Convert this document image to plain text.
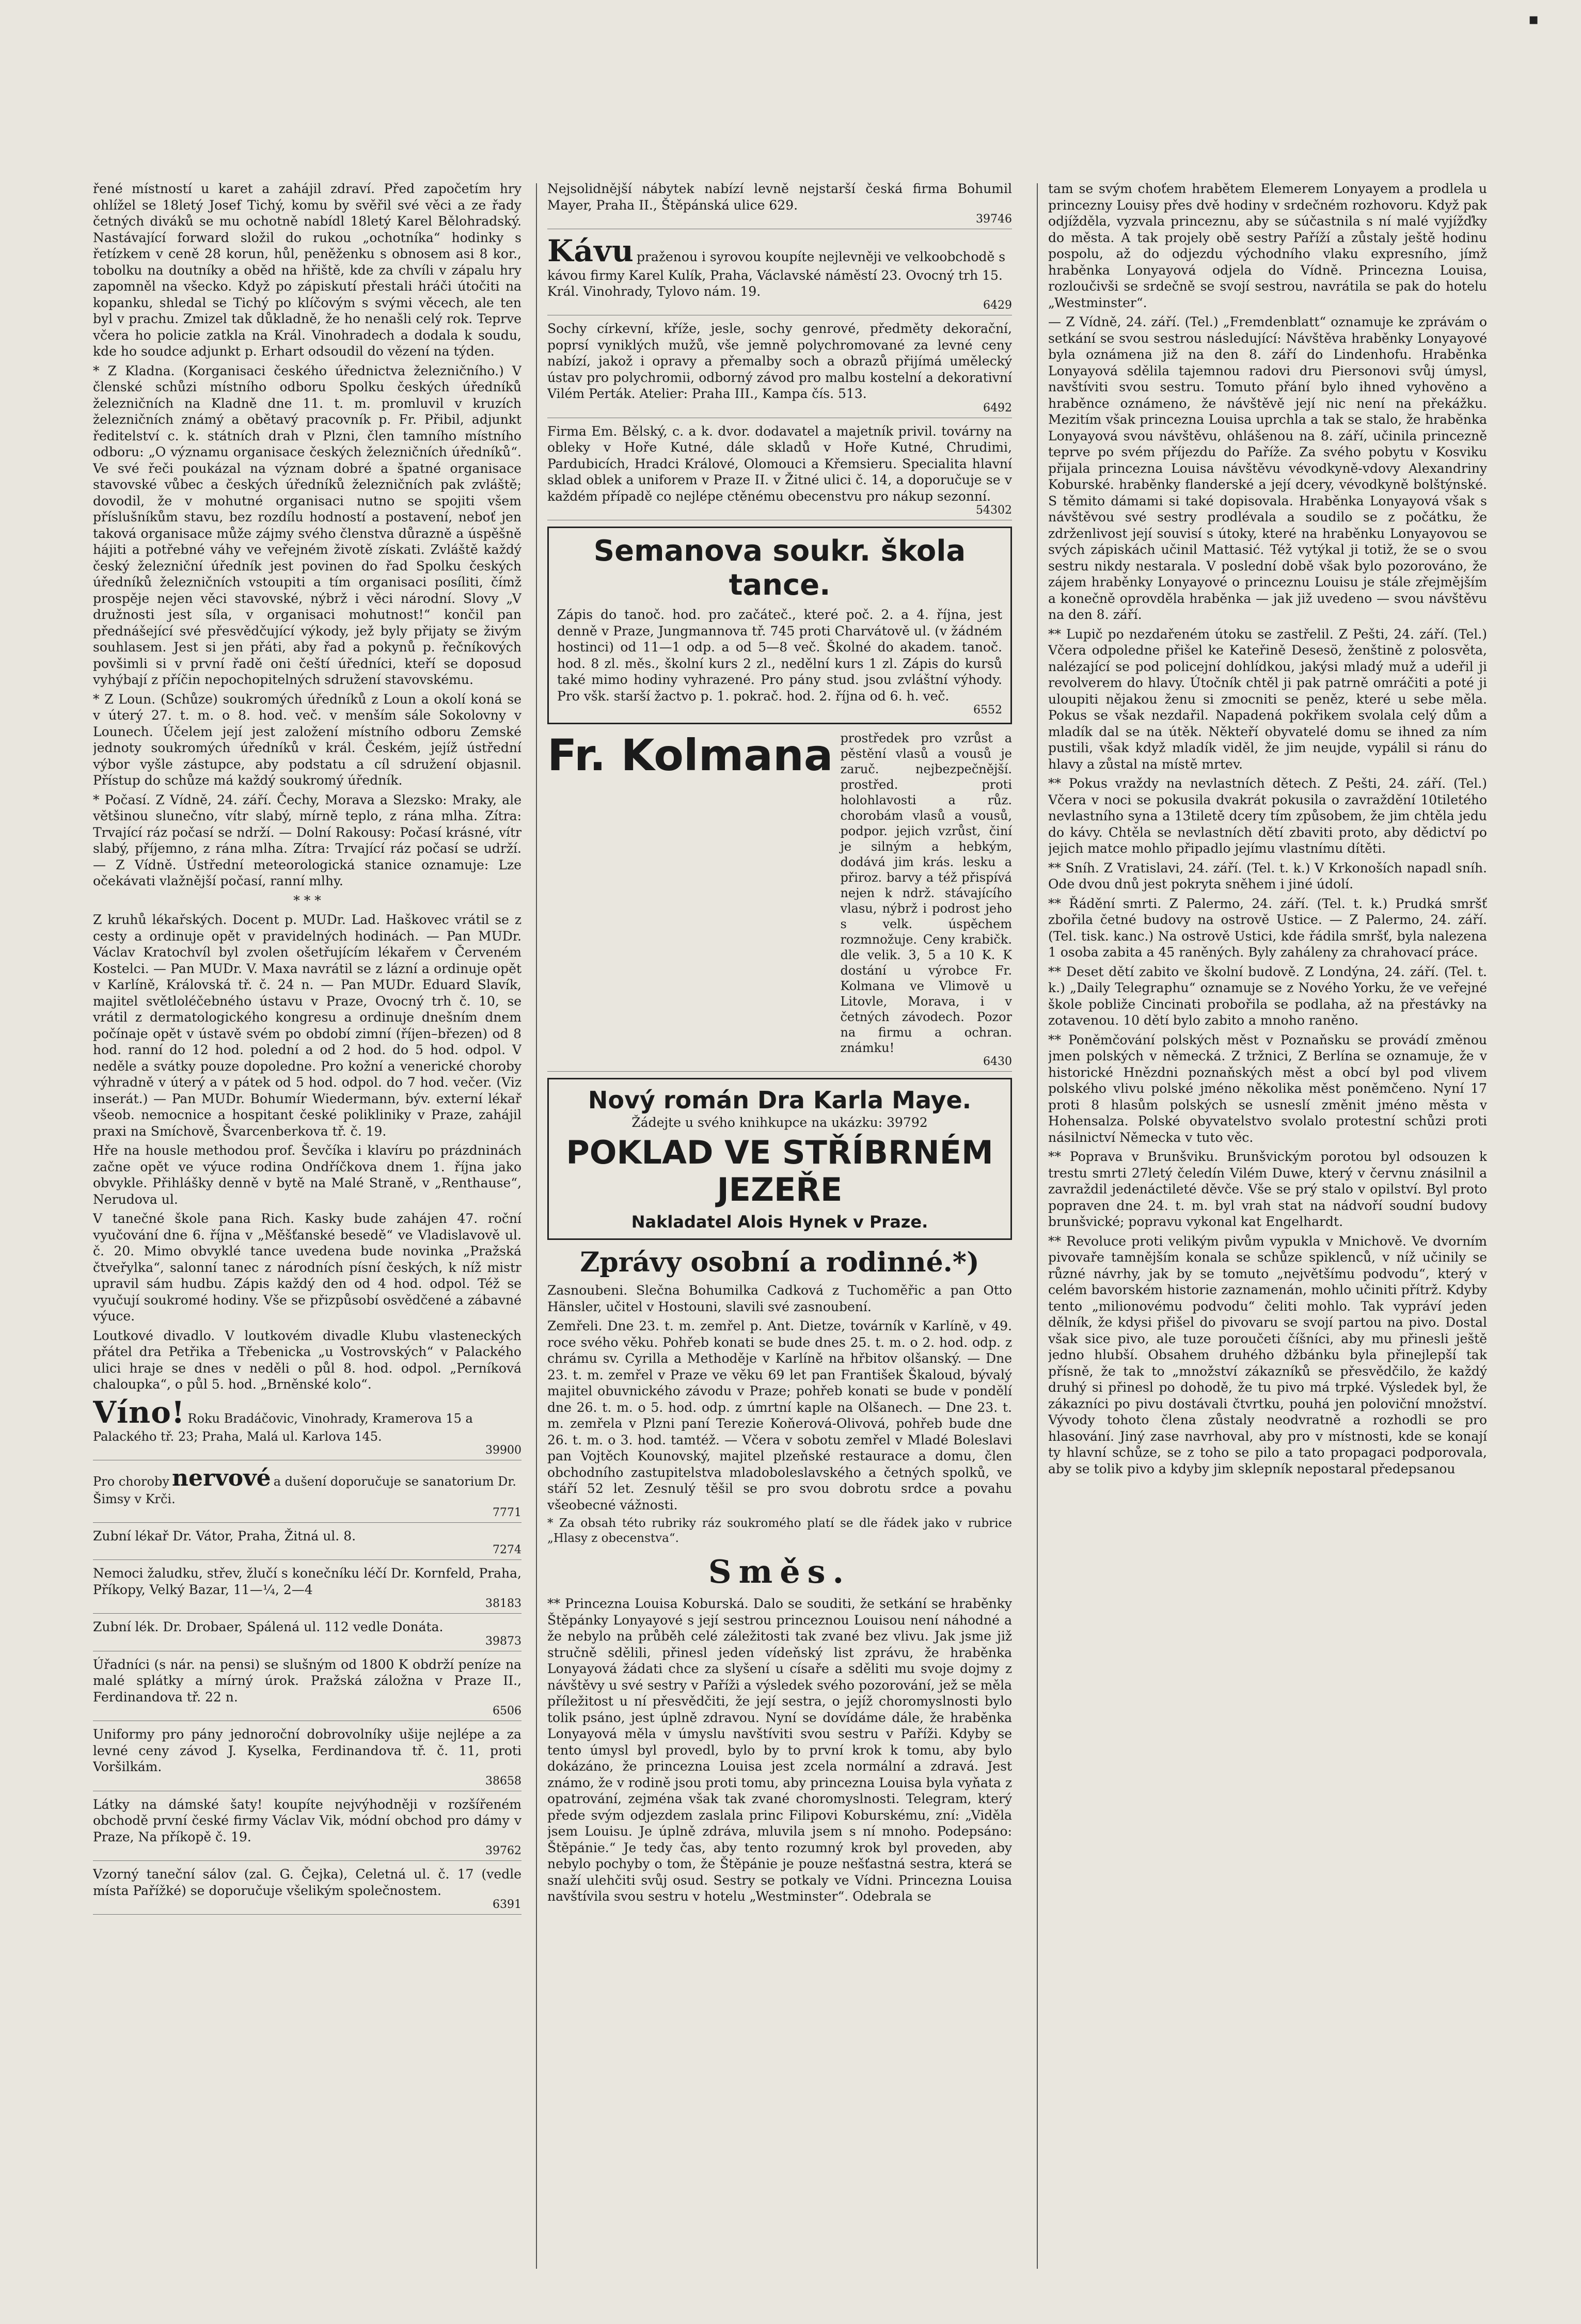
▪

řené místností u karet a zahájil zdraví. Před započetím hry ohlížel se 18letý Josef Tichý, komu by svěřil své věci a ze řady četných diváků se mu ochotně nabídl 18letý Karel Bělohradský. Nastávající forward složil do rukou „ochotníka“ hodinky s řetízkem v ceně 28 korun, hůl, peněženku s obnosem asi 8 kor., tobolku na doutníky a oběd na hřiště, kde za chvíli v zápalu hry zapomněl na všecko. Když po zápiskutí přestali hráči útočiti na kopanku, shledal se Tichý po klíčovým s svými věcech, ale ten byl v prachu. Zmizel tak důkladně, že ho nenašli celý rok. Teprve včera ho policie zatkla na Král. Vinohradech a dodala k soudu, kde ho soudce adjunkt p. Erhart odsoudil do vězení na týden.

* Z Kladna. (Korganisaci českého úřednictva železničního.) V členské schůzi místního odboru Spolku českých úředníků železničních na Kladně dne 11. t. m. promluvil v kruzích železničních známý a obětavý pracovník p. Fr. Přibil, adjunkt ředitelství c. k. státních drah v Plzni, člen tamního místního odboru: „O významu organisace českých železničních úředníků“. Ve své řeči poukázal na význam dobré a špatné organisace stavovské vůbec a českých úředníků železničních pak zvláště; dovodil, že v mohutné organisaci nutno se spojiti všem příslušníkům stavu, bez rozdílu hodností a postavení, neboť jen taková organisace může zájmy svého členstva důrazně a úspěšně hájiti a potřebné váhy ve veřejném životě získati. Zvláště každý český železniční úředník jest povinen do řad Spolku českých úředníků železničních vstoupiti a tím organisaci posíliti, čímž prospěje nejen věci stavovské, nýbrž i věci národní. Slovy „V družnosti jest síla, v organisaci mohutnost!“ končil pan přednášející své přesvědčující výkody, jež byly přijaty se živým souhlasem. Jest si jen přáti, aby řad a pokynů p. řečníkových povšimli si v první řadě oni čeští úředníci, kteří se doposud vyhýbají z příčin nepochopitelných sdružení stavovskému.

* Z Loun. (Schůze) soukromých úředníků z Loun a okolí koná se v úterý 27. t. m. o 8. hod. več. v menším sále Sokolovny v Lounech. Účelem její jest založení místního odboru Zemské jednoty soukromých úředníků v král. Českém, jejíž ústřední výbor vyšle zástupce, aby podstatu a cíl sdružení objasnil. Přístup do schůze má každý soukromý úředník.

* Počasí. Z Vídně, 24. září. Čechy, Morava a Slezsko: Mraky, ale většinou slunečno, vítr slabý, mírně teplo, z rána mlha. Zítra: Trvající ráz počasí se ndrží. — Dolní Rakousy: Počasí krásné, vítr slabý, příjemno, z rána mlha. Zítra: Trvající ráz počasí se udrží. — Z Vídně. Ústřední meteorologická stanice oznamuje: Lze očekávati vlažnější počasí, ranní mlhy.

* * *

Z kruhů lékařských. Docent p. MUDr. Lad. Haškovec vrátil se z cesty a ordinuje opět v pravidelných hodinách. — Pan MUDr. Václav Kratochvíl byl zvolen ošetřujícím lékařem v Červeném Kostelci. — Pan MUDr. V. Maxa navrátil se z lázní a ordinuje opět v Karlíně, Královská tř. č. 24 n. — Pan MUDr. Eduard Slavík, majitel světloléčebného ústavu v Praze, Ovocný trh č. 10, se vrátil z dermatologického kongresu a ordinuje dnešním dnem počínaje opět v ústavě svém po období zimní (říjen–březen) od 8 hod. ranní do 12 hod. polední a od 2 hod. do 5 hod. odpol. V neděle a svátky pouze dopoledne. Pro kožní a venerické choroby výhradně v úterý a v pátek od 5 hod. odpol. do 7 hod. večer. (Viz inserát.) — Pan MUDr. Bohumír Wiedermann, býv. externí lékař všeob. nemocnice a hospitant české polikliniky v Praze, zahájil praxi na Smíchově, Švarcenberkova tř. č. 19.

Hře na housle methodou prof. Ševčíka i klavíru po prázdninách začne opět ve výuce rodina Ondříčkova dnem 1. října jako obvykle. Přihlášky denně v bytě na Malé Straně, v „Renthause“, Nerudova ul.

V tanečné škole pana Rich. Kasky bude zahájen 47. roční vyučování dne 6. října v „Měšťanské besedě“ ve Vladislavově ul. č. 20. Mimo obvyklé tance uvedena bude novinka „Pražská čtveřylka“, salonní tanec z národních písní českých, k níž mistr upravil sám hudbu. Zápis každý den od 4 hod. odpol. Též se vyučují soukromé hodiny. Vše se přizpůsobí osvědčené a zábavné výuce.

Loutkové divadlo. V loutkovém divadle Klubu vlasteneckých přátel dra Petřika a Třebenicka „u Vostrovských“ v Palackého ulici hraje se dnes v neděli o půl 8. hod. odpol. „Perníková chaloupka“, o půl 5. hod. „Brněnské kolo“.

Víno! Roku Bradáčovic, Vinohrady, Kramerova 15 a Palackého tř. 23; Praha, Malá ul. Karlova 145.
39900
Pro choroby nervové a dušení doporučuje se sanatorium Dr. Šimsy v Krči.
7771

Zubní lékař Dr. Vátor, Praha, Žitná ul. 8.

7274

Nemoci žaludku, střev, žlučí s konečníku léčí Dr. Kornfeld, Praha, Příkopy, Velký Bazar, 11—¼, 2—4

38183

Zubní lék. Dr. Drobaer, Spálená ul. 112 vedle Donáta.

39873

Úřadníci (s nár. na pensi) se slušným od 1800 K obdrží peníze na malé splátky a mírný úrok. Pražská záložna v Praze II., Ferdinandova tř. 22 n.

6506

Uniformy pro pány jednoroční dobrovolníky ušije nejlépe a za levné ceny závod J. Kyselka, Ferdinandova tř. č. 11, proti Voršilkám.

38658

Látky na dámské šaty! koupíte nejvýhodněji v rozšířeném obchodě první české firmy Václav Vik, módní obchod pro dámy v Praze, Na příkopě č. 19.

39762

Vzorný taneční sálov (zal. G. Čejka), Celetná ul. č. 17 (vedle místa Pařížké) se doporučuje všelikým společnostem.

6391

Nejsolidnější nábytek nabízí levně nejstarší česká firma Bohumil Mayer, Praha II., Štěpánská ulice 629.

39746
Kávu praženou i syrovou koupíte nejlevněji ve velkoobchodě s kávou firmy Karel Kulík, Praha, Václavské náměstí 23. Ovocný trh 15. Král. Vinohrady, Tylovo nám. 19.
6429

Sochy církevní, kříže, jesle, sochy genrové, předměty dekorační, poprsí vyniklých mužů, vše jemně polychromované za levné ceny nabízí, jakož i opravy a přemalby soch a obrazů přijímá umělecký ústav pro polychromii, odborný závod pro malbu kostelní a dekorativní Vilém Perták. Atelier: Praha III., Kampa čís. 513.

6492

Firma Em. Bělský, c. a k. dvor. dodavatel a majetník privil. továrny na obleky v Hoře Kutné, dále skladů v Hoře Kutné, Chrudimi, Pardubicích, Hradci Králové, Olomouci a Křemsieru. Specialita hlavní sklad oblek a uniforem v Praze II. v Žitné ulici č. 14, a doporučuje se v každém případě co nejlépe ctěnému obecenstvu pro nákup sezonní.

54302
Semanova soukr. škola tance.

Zápis do tanoč. hod. pro začáteč., které poč. 2. a 4. října, jest denně v Praze, Jungmannova tř. 745 proti Charvátově ul. (v žádném hostinci) od 11—1 odp. a od 5—8 več. Školné do akadem. tanoč. hod. 8 zl. měs., školní kurs 2 zl., nedělní kurs 1 zl. Zápis do kursů také mimo hodiny vyhrazené. Pro pány stud. jsou zvláštní výhody. Pro všk. starší žactvo p. 1. pokrač. hod. 2. října od 6. h. več.

6552
Fr. Kolmana prostředek pro vzrůst a pěstění vlasů a vousů je zaruč. nejbezpečnější. prostřed. proti holohlavosti a růz. chorobám vlasů a vousů, podpor. jejich vzrůst, činí je silným a hebkým, dodává jim krás. lesku a přiroz. barvy a též přispívá nejen k ndrž. stávajícího vlasu, nýbrž i podrost jeho s velk. úspěchem rozmnožuje. Ceny krabičk. dle velik. 3, 5 a 10 K. K dostání u výrobce Fr. Kolmana ve Vlimově u Litovle, Morava, i v četných závodech. Pozor na firmu a ochran. známku!

6430
Nový román Dra Karla Maye.
Žádejte u svého knihkupce na ukázku: 39792
POKLAD VE STŘÍBRNÉM JEZEŘE
Nakladatel Alois Hynek v Praze.
Zprávy osobní a rodinné.*)

Zasnoubeni. Slečna Bohumilka Cadková z Tuchoměřic a pan Otto Hänsler, učitel v Hostouni, slavili své zasnoubení.

Zemřeli. Dne 23. t. m. zemřel p. Ant. Dietze, továrník v Karlíně, v 49. roce svého věku. Pohřeb konati se bude dnes 25. t. m. o 2. hod. odp. z chrámu sv. Cyrilla a Methoděje v Karlíně na hřbitov olšanský. — Dne 23. t. m. zemřel v Praze ve věku 69 let pan František Škaloud, bývalý majitel obuvnického závodu v Praze; pohřeb konati se bude v pondělí dne 26. t. m. o 5. hod. odp. z úmrtní kaple na Olšanech. — Dne 23. t. m. zemřela v Plzni paní Terezie Koňerová-Olivová, pohřeb bude dne 26. t. m. o 3. hod. tamtéž. — Včera v sobotu zemřel v Mladé Boleslavi pan Vojtěch Kounovský, majitel plzeňské restaurace a domu, člen obchodního zastupitelstva mladoboleslavského a četných spolků, ve stáří 52 let. Zesnulý těšil se pro svou dobrotu srdce a povahu všeobecné vážnosti.

* Za obsah této rubriky ráz soukromého platí se dle řádek jako v rubrice „Hlasy z obecenstva“.

Směs.

** Princezna Louisa Koburská. Dalo se souditi, že setkání se hraběnky Štěpánky Lonyayové s její sestrou princeznou Louisou není náhodné a že nebylo na průběh celé záležitosti tak zvané bez vlivu. Jak jsme již stručně sdělili, přinesl jeden vídeňský list zprávu, že hraběnka Lonyayová žádati chce za slyšení u císaře a sděliti mu svoje dojmy z návštěvy u své sestry v Paříži a výsledek svého pozorování, jež se měla příležitost u ní přesvědčiti, že její sestra, o jejíž choromyslnosti bylo tolik psáno, jest úplně zdravou. Nyní se dovídáme dále, že hraběnka Lonyayová měla v úmyslu navštíviti svou sestru v Paříži. Kdyby se tento úmysl byl provedl, bylo by to první krok k tomu, aby bylo dokázáno, že princezna Louisa jest zcela normální a zdravá. Jest známo, že v rodině jsou proti tomu, aby princezna Louisa byla vyňata z opatrování, zejména však tak zvané choromyslnosti. Telegram, který přede svým odjezdem zaslala princ Filipovi Koburskému, zní: „Viděla jsem Louisu. Je úplně zdráva, mluvila jsem s ní mnoho. Podepsáno: Štěpánie.“ Je tedy čas, aby tento rozumný krok byl proveden, aby nebylo pochyby o tom, že Štěpánie je pouze nešťastná sestra, která se snaží ulehčiti svůj osud. Sestry se potkaly ve Vídni. Princezna Louisa navštívila svou sestru v hotelu „Westminster“. Odebrala se

tam se svým choťem hrabětem Elemerem Lonyayem a prodlela u princezny Louisy přes dvě hodiny v srdečném rozhovoru. Když pak odjížděla, vyzvala princeznu, aby se súčastnila s ní malé vyjížďky do města. A tak projely obě sestry Paříží a zůstaly ještě hodinu pospolu, až do odjezdu východního vlaku expresního, jímž hraběnka Lonyayová odjela do Vídně. Princezna Louisa, rozloučivši se srdečně se svojí sestrou, navrátila se pak do hotelu „Westminster“.

— Z Vídně, 24. září. (Tel.) „Fremdenblatt“ oznamuje ke zprávám o setkání se svou sestrou následující: Návštěva hraběnky Lonyayové byla oznámena již na den 8. září do Lindenhofu. Hraběnka Lonyayová sdělila tajemnou radovi dru Piersonovi svůj úmysl, navštíviti svou sestru. Tomuto přání bylo ihned vyhověno a hraběnce oznámeno, že návštěvě její nic není na překážku. Mezitím však princezna Louisa uprchla a tak se stalo, že hraběnka Lonyayová svou návštěvu, ohlášenou na 8. září, učinila princezně teprve po svém příjezdu do Paříže. Za svého pobytu v Kosviku přijala princezna Louisa návštěvu vévodkyně-vdovy Alexandriny Koburské. hraběnky flanderské a její dcery, vévodkyně bolštýnské. S těmito dámami si také dopisovala. Hraběnka Lonyayová však s návštěvou své sestry prodlévala a soudilo se z počátku, že zdrženlivost její souvisí s útoky, které na hraběnku Lonyayovou se svých zápiskách učinil Mattasić. Též vytýkal ji totiž, že se o svou sestru nikdy nestarala. V poslední době však bylo pozorováno, že zájem hraběnky Lonyayové o princeznu Louisu je stále zřejmějším a konečně oprovděla hraběnka — jak již uvedeno — svou návštěvu na den 8. září.

** Lupič po nezdařeném útoku se zastřelil. Z Pešti, 24. září. (Tel.) Včera odpoledne přišel ke Kateřině Desesö, ženštině z polosvěta, nalézající se pod policejní dohlídkou, jakýsi mladý muž a udeřil ji revolverem do hlavy. Útočník chtěl ji pak patrně omráčiti a poté ji uloupiti nějakou ženu si zmocniti se peněz, které u sebe měla. Pokus se však nezdařil. Napadená pokřikem svolala celý dům a mladík dal se na útěk. Někteří obyvatelé domu se ihned za ním pustili, však když mladík viděl, že jim neujde, vypálil si ránu do hlavy a zůstal na místě mrtev.

** Pokus vraždy na nevlastních dětech. Z Pešti, 24. září. (Tel.) Včera v noci se pokusila dvakrát pokusila o zavraždění 10tiletého nevlastního syna a 13tiletě dcery tím způsobem, že jim chtěla jedu do kávy. Chtěla se nevlastních dětí zbaviti proto, aby dědictví po jejich matce mohlo připadlo jejímu vlastnímu dítěti.

** Sníh. Z Vratislavi, 24. září. (Tel. t. k.) V Krkonoších napadl sníh. Ode dvou dnů jest pokryta sněhem i jiné údolí.

** Řádění smrti. Z Palermo, 24. září. (Tel. t. k.) Prudká smršť zbořila četné budovy na ostrově Ustice. — Z Palermo, 24. září. (Tel. tisk. kanc.) Na ostrově Ustici, kde řádila smršť, byla nalezena 1 osoba zabita a 45 raněných. Byly zaháleny za chrahovací práce.

** Deset dětí zabito ve školní budově. Z Londýna, 24. září. (Tel. t. k.) „Daily Telegraphu“ oznamuje se z Nového Yorku, že ve veřejné škole pobliže Cincinati probořila se podlaha, až na přestávky na zotavenou. 10 dětí bylo zabito a mnoho raněno.

** Poněmčování polských měst v Poznaňsku se provádí změnou jmen polských v německá. Z tržnici, Z Berlína se oznamuje, že v historické Hnězdni poznaňských měst a obcí byl pod vlivem polského vlivu polské jméno několika měst poněmčeno. Nyní 17 proti 8 hlasům polských se usneslí změnit jméno města v Hohensalza. Polské obyvatelstvo svolalo protestní schůzi proti násilnictví Německa v tuto věc.

** Poprava v Brunšviku. Brunšvickým porotou byl odsouzen k trestu smrti 27letý čeledín Vilém Duwe, který v červnu znásilnil a zavraždil jedenáctileté děvče. Vše se prý stalo v opilství. Byl proto popraven dne 24. t. m. byl vrah stat na nádvoří soudní budovy brunšvické; popravu vykonal kat Engelhardt.

** Revoluce proti velikým pivům vypukla v Mnichově. Ve dvorním pivovaře tamnějším konala se schůze spiklenců, v níž učinily se různé návrhy, jak by se tomuto „největšímu podvodu“, který v celém bavorském historie zaznamenán, mohlo učiniti přítrž. Kdyby tento „milionovému podvodu“ čeliti mohlo. Tak vypráví jeden dělník, že kdysi přišel do pivovaru se svojí partou na pivo. Dostal však sice pivo, ale tuze poroučeti číšníci, aby mu přinesli ještě jedno hlubší. Obsahem druhého džbánku byla přinejlepší tak přísně, že tak to „množství zákazníků se přesvědčilo, že každý druhý si přinesl po dohodě, že tu pivo má trpké. Výsledek byl, že zákazníci po pivu dostávali čtvrtku, pouhá jen poloviční množství. Vývody tohoto člena zůstaly neodvratně a rozhodli se pro hlasování. Jiný zase navrhoval, aby pro v místnosti, kde se konají ty hlavní schůze, se z toho se pilo a tato propagaci podporovala, aby se tolik pivo a kdyby jim sklepník nepostaral předepsanou
